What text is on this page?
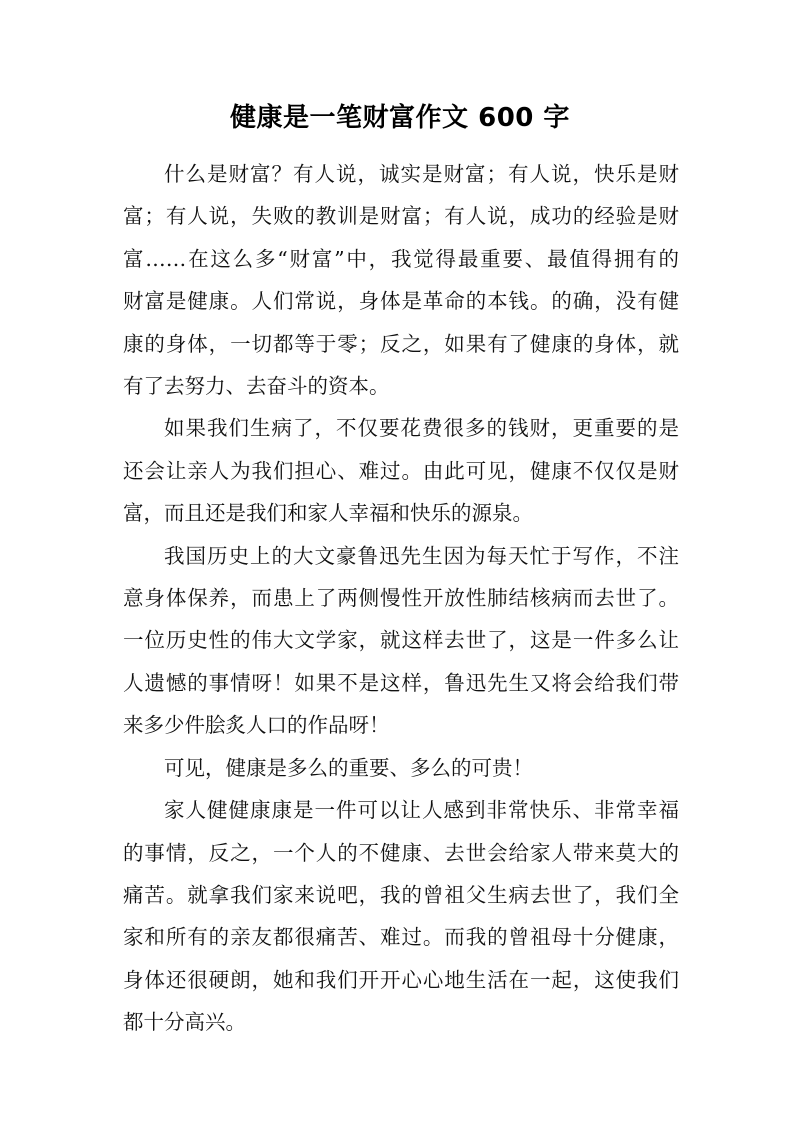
健康是一笔财富作文 600 字
什么是财富？有人说，诚实是财富；有人说，快乐是财
富；有人说，失败的教训是财富；有人说，成功的经验是财
富……在这么多“财富”中，我觉得最重要、最值得拥有的
财富是健康。人们常说，身体是革命的本钱。的确，没有健
康的身体，一切都等于零；反之，如果有了健康的身体，就
有了去努力、去奋斗的资本。
如果我们生病了，不仅要花费很多的钱财，更重要的是
还会让亲人为我们担心、难过。由此可见，健康不仅仅是财
富，而且还是我们和家人幸福和快乐的源泉。
我国历史上的大文豪鲁迅先生因为每天忙于写作，不注
意身体保养，而患上了两侧慢性开放性肺结核病而去世了。
一位历史性的伟大文学家，就这样去世了，这是一件多么让
人遗憾的事情呀！如果不是这样，鲁迅先生又将会给我们带
来多少件脍炙人口的作品呀！
可见，健康是多么的重要、多么的可贵！
家人健健康康是一件可以让人感到非常快乐、非常幸福
的事情，反之，一个人的不健康、去世会给家人带来莫大的
痛苦。就拿我们家来说吧，我的曾祖父生病去世了，我们全
家和所有的亲友都很痛苦、难过。而我的曾祖母十分健康，
身体还很硬朗，她和我们开开心心地生活在一起，这使我们
都十分高兴。
